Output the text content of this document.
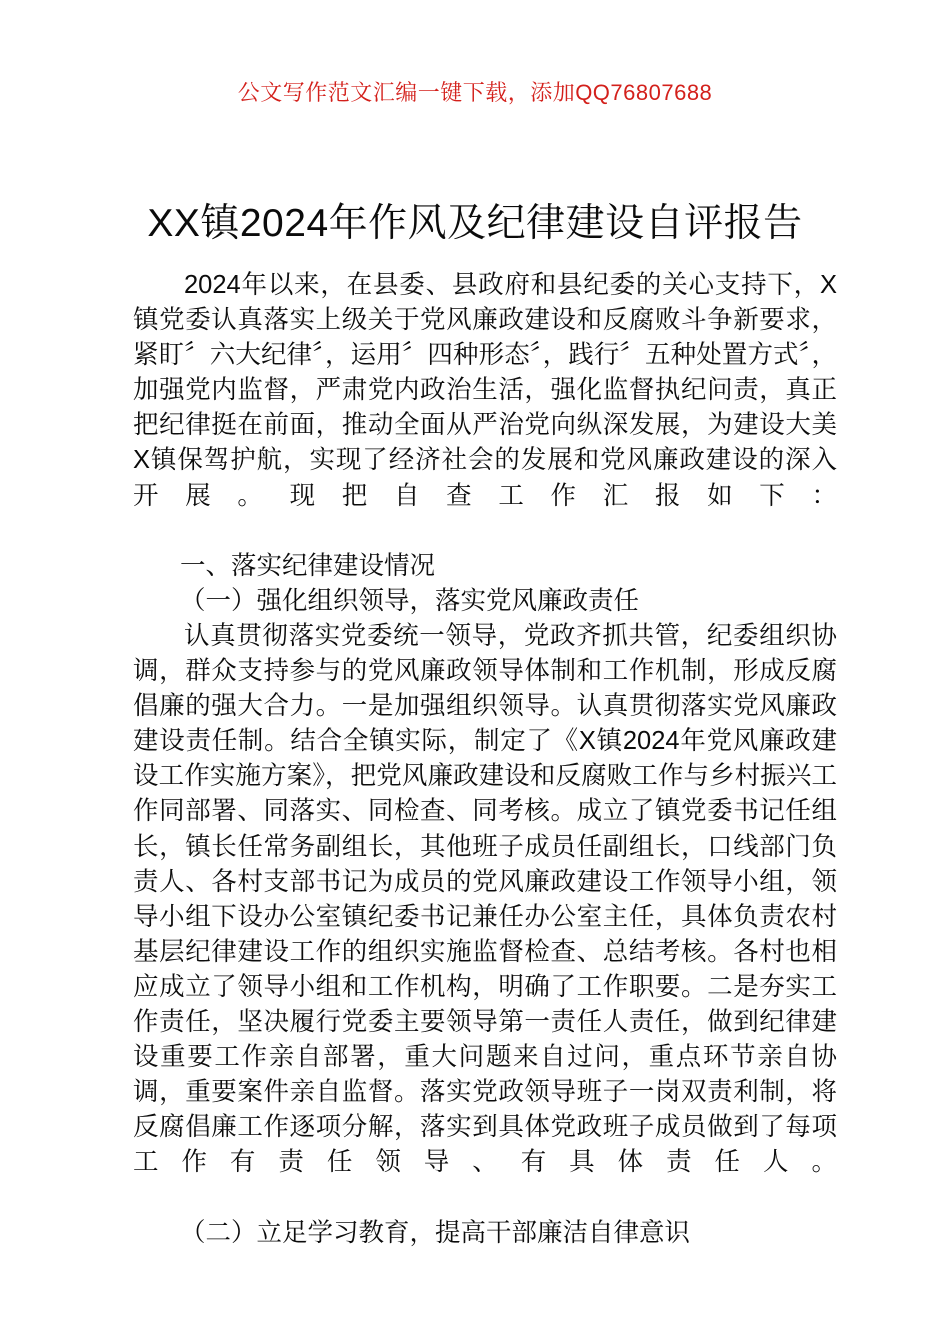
公文写作范文汇编一键下载，添加QQ76807688
XX镇2024年作风及纪律建设自评报告

2024年以来，在县委、县政府和县纪委的关心支持下，X镇党委认真落实上级关于党风廉政建设和反腐败斗争新要求，紧盯〞六大纪律〞，运用〞四种形态〞，践行〞五种处置方式〞，加强党内监督，严肃党内政治生活，强化监督执纪问责，真正把纪律挺在前面，推动全面从严治党向纵深发展，为建设大美X镇保驾护航，实现了经济社会的发展和党风廉政建设的深入开展。现把自查工作汇报如下：

一、落实纪律建设情况

（一）强化组织领导，落实党风廉政责任

认真贯彻落实党委统一领导，党政齐抓共管，纪委组织协调，群众支持参与的党风廉政领导体制和工作机制，形成反腐倡廉的强大合力。一是加强组织领导。认真贯彻落实党风廉政建设责任制。结合全镇实际，制定了《X镇2024年党风廉政建设工作实施方案》，把党风廉政建设和反腐败工作与乡村振兴工作同部署、同落实、同检查、同考核。成立了镇党委书记任组长，镇长任常务副组长，其他班子成员任副组长，口线部门负责人、各村支部书记为成员的党风廉政建设工作领导小组，领导小组下设办公室镇纪委书记兼任办公室主任，具体负责农村基层纪律建设工作的组织实施监督检查、总结考核。各村也相应成立了领导小组和工作机构，明确了工作职要。二是夯实工作责任，坚决履行党委主要领导第一责任人责任，做到纪律建设重要工作亲自部署，重大问题来自过问，重点环节亲自协调，重要案件亲自监督。落实党政领导班子一岗双责利制，将反腐倡廉工作逐项分解，落实到具体党政班子成员做到了每项工作有责任领导、有具体责任人。

（二）立足学习教育，提高干部廉洁自律意识
